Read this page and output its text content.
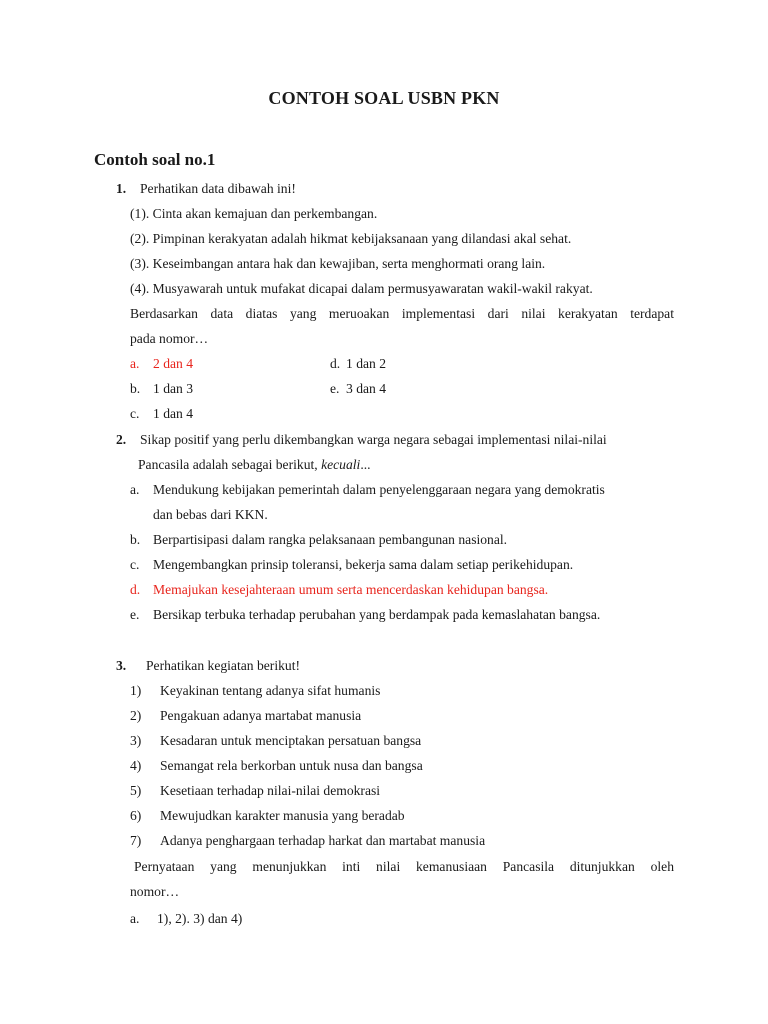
CONTOH SOAL USBN PKN
Contoh soal no.1
1. Perhatikan data dibawah ini!
(1). Cinta akan kemajuan dan perkembangan.
(2). Pimpinan kerakyatan adalah hikmat kebijaksanaan yang dilandasi akal sehat.
(3). Keseimbangan antara hak dan kewajiban, serta menghormati orang lain.
(4). Musyawarah untuk mufakat dicapai dalam permusyawaratan wakil-wakil rakyat.
Berdasarkan data diatas yang meruoakan implementasi dari nilai kerakyatan terdapat
pada nomor…
a. 2 dan 4	d. 1 dan 2
b. 1 dan 3	e. 3 dan 4
c. 1 dan 4
2. Sikap positif yang perlu dikembangkan warga negara sebagai implementasi nilai-nilai
Pancasila adalah sebagai berikut, kecuali...
a. Mendukung kebijakan pemerintah dalam penyelenggaraan negara yang demokratis
dan bebas dari KKN.
b. Berpartisipasi dalam rangka pelaksanaan pembangunan nasional.
c. Mengembangkan prinsip toleransi, bekerja sama dalam setiap perikehidupan.
d. Memajukan kesejahteraan umum serta mencerdaskan kehidupan bangsa.
e. Bersikap terbuka terhadap perubahan yang berdampak pada kemaslahatan bangsa.
3. Perhatikan kegiatan berikut!
1) Keyakinan tentang adanya sifat humanis
2) Pengakuan adanya martabat manusia
3) Kesadaran untuk menciptakan persatuan bangsa
4) Semangat rela berkorban untuk nusa dan bangsa
5) Kesetiaan terhadap nilai-nilai demokrasi
6) Mewujudkan karakter manusia yang beradab
7) Adanya penghargaan terhadap harkat dan martabat manusia
Pernyataan yang menunjukkan inti nilai kemanusiaan Pancasila ditunjukkan oleh
nomor…
a. 1), 2). 3) dan 4)
